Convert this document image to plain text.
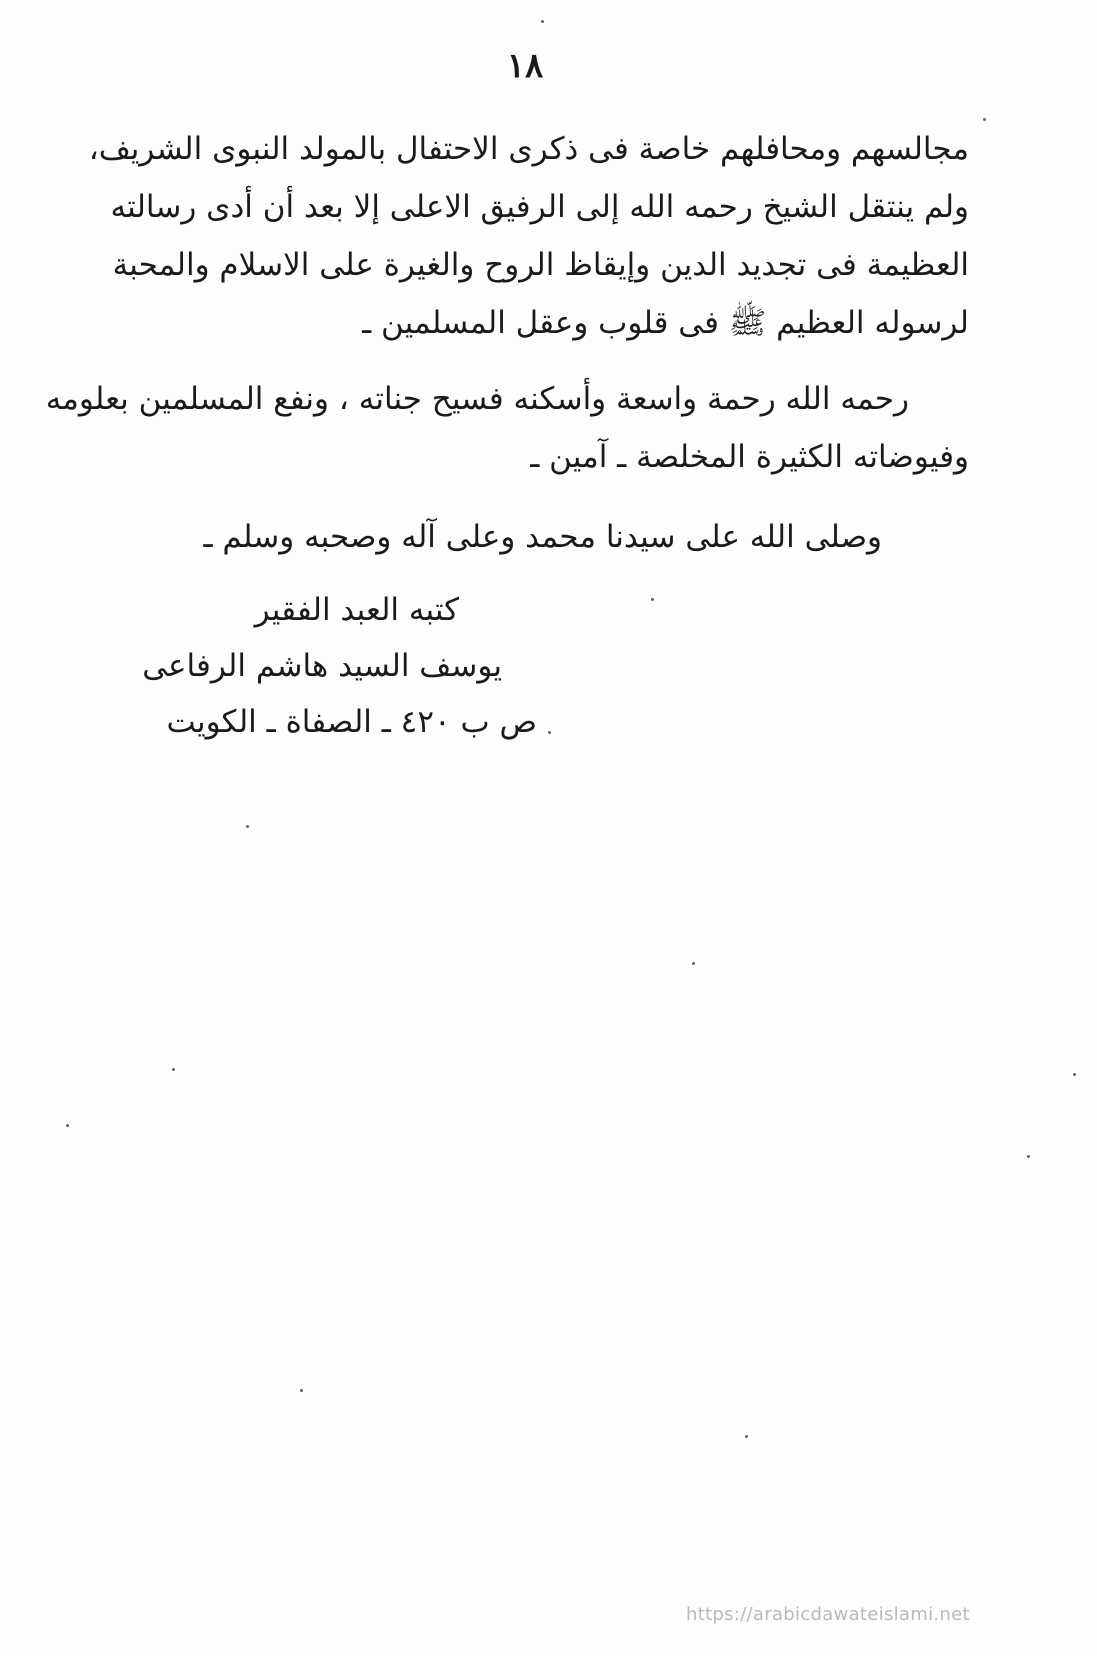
١٨

مجالسهم ومحافلهم خاصة فى ذكرى الاحتفال بالمولد النبوى الشريف،

ولم ينتقل الشيخ رحمه الله إلى الرفيق الاعلى إلا بعد أن أدى رسالته

العظيمة فى تجديد الدين وإيقاظ الروح والغيرة على الاسلام والمحبة

لرسوله العظيم ﷺ فى قلوب وعقل المسلمين ـ

رحمه الله رحمة واسعة وأسكنه فسيح جناته ، ونفع المسلمين بعلومه

وفيوضاته الكثيرة المخلصة ـ آمين ـ

وصلى الله على سيدنا محمد وعلى آله وصحبه وسلم ـ

كتبه العبد الفقير
يوسف السيد هاشم الرفاعى
ص ب ٤٢٠ ـ الصفاة ـ الكويت
https://arabicdawateislami.net
